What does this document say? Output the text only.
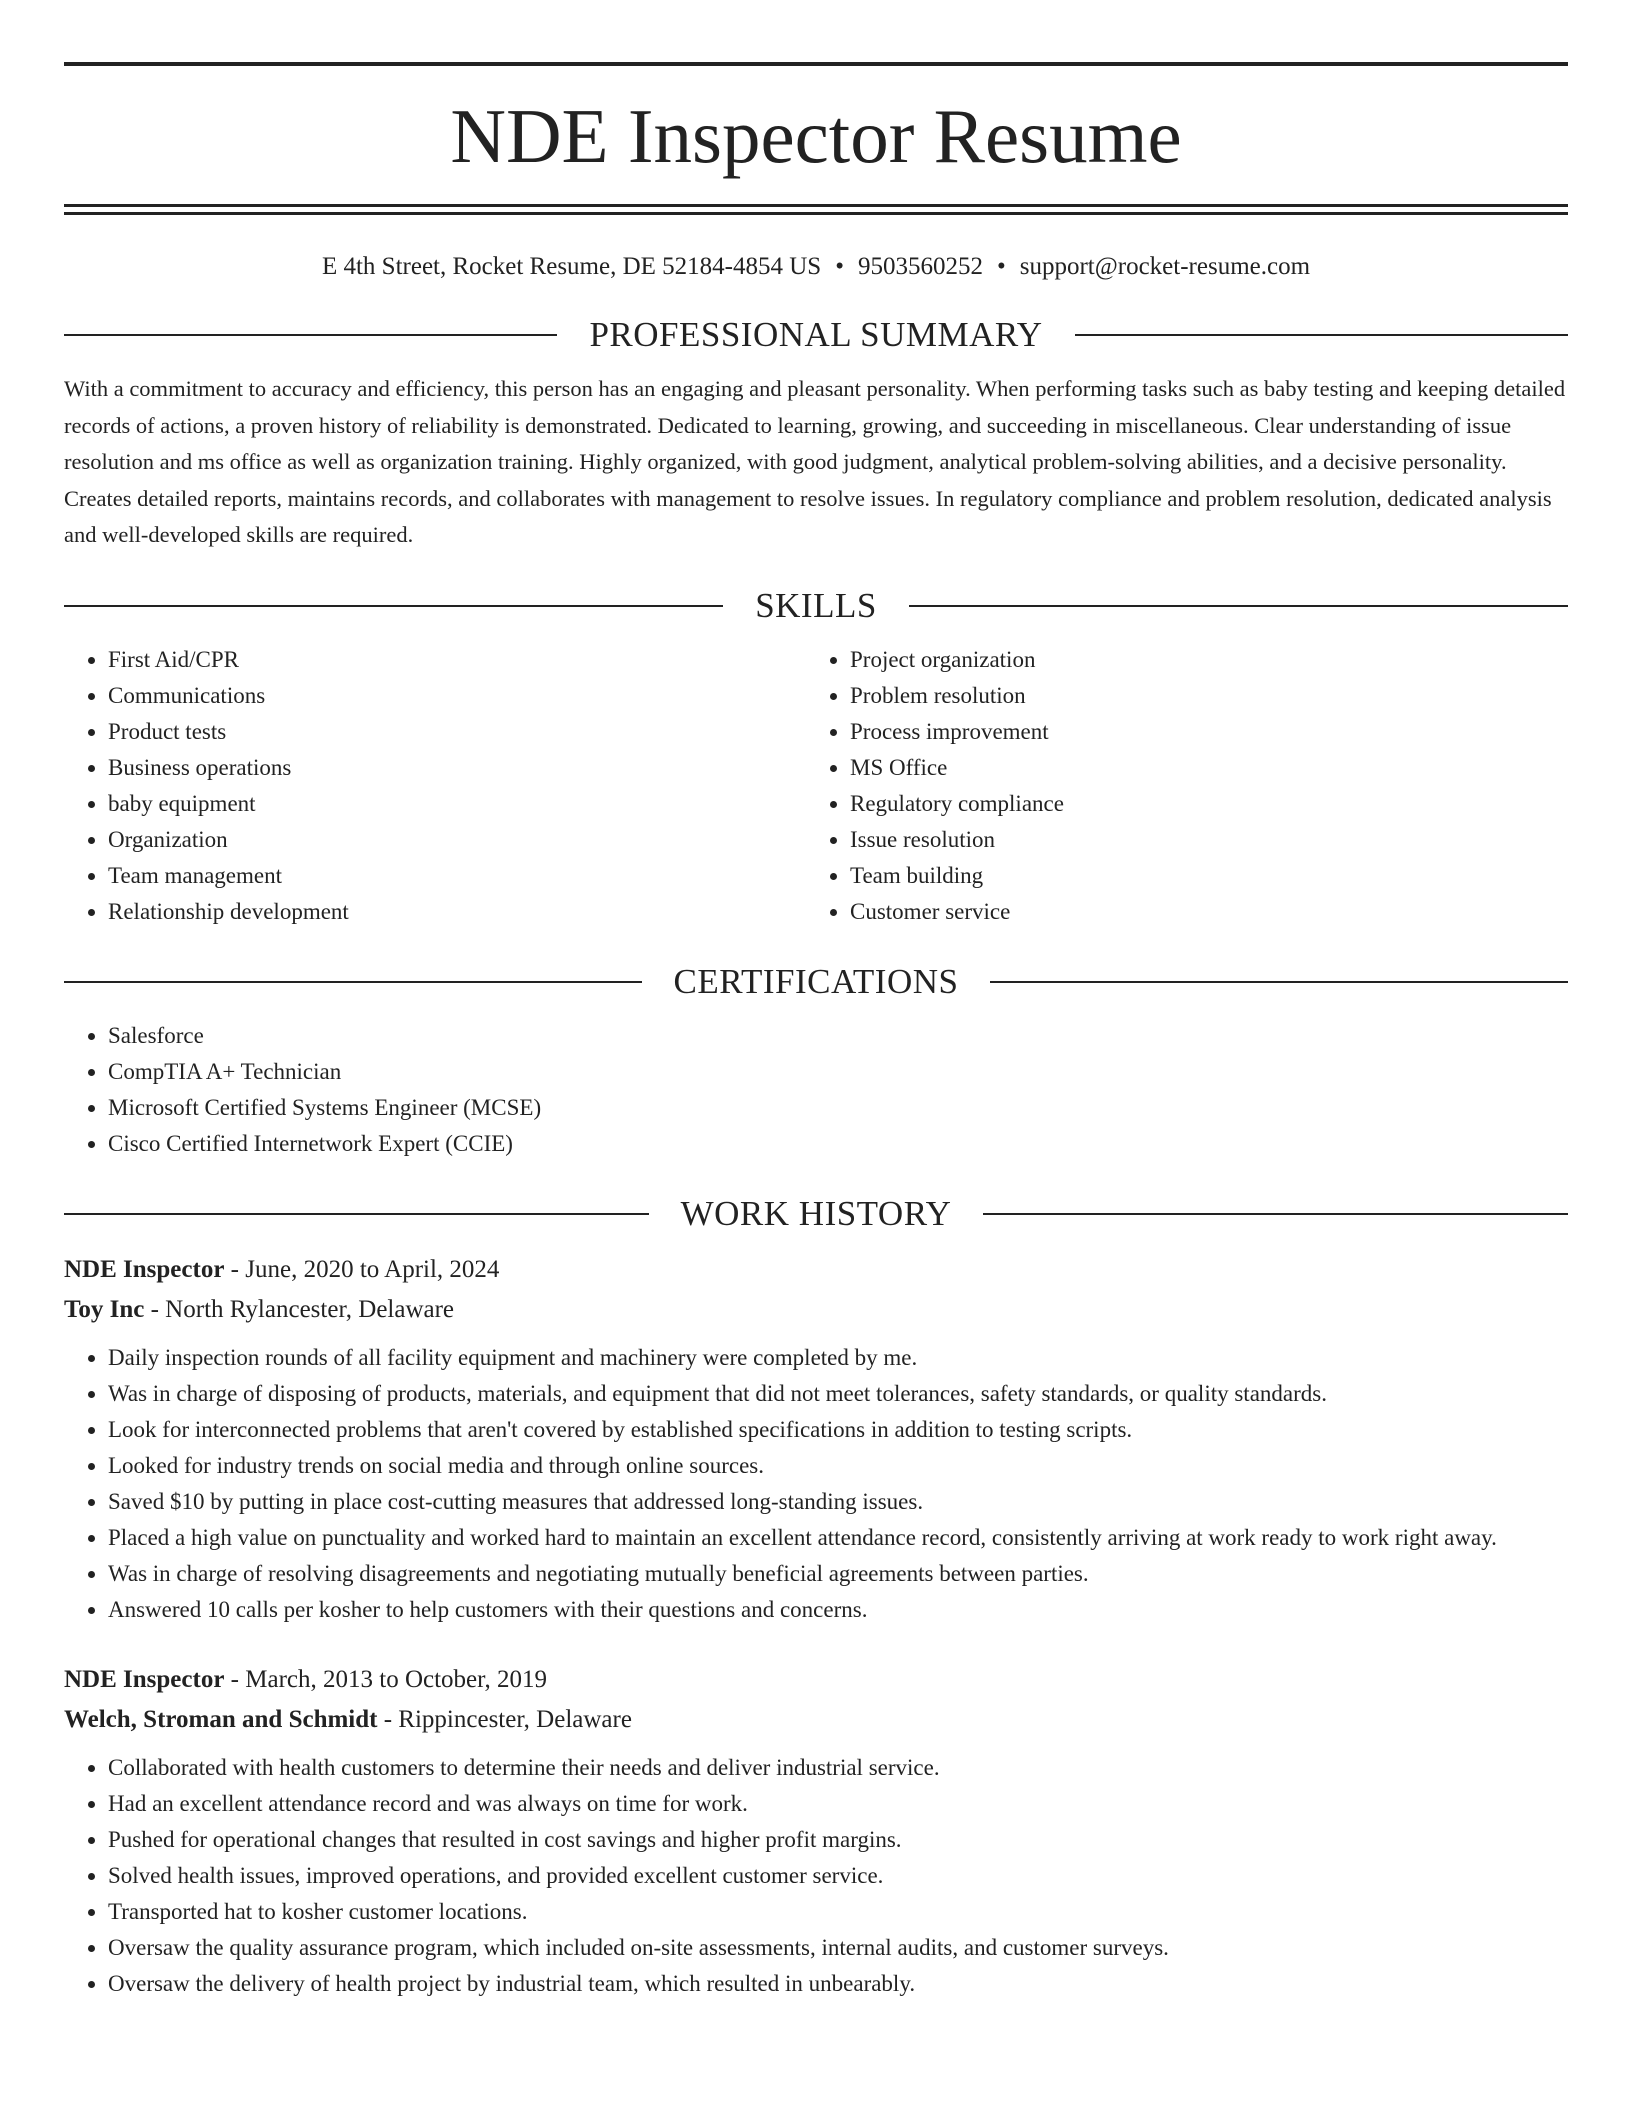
NDE Inspector Resume
E 4th Street, Rocket Resume, DE 52184-4854 US • 9503560252 • support@rocket-resume.com
PROFESSIONAL SUMMARY

With a commitment to accuracy and efficiency, this person has an engaging and pleasant personality. When performing tasks such as baby testing and keeping detailed records of actions, a proven history of reliability is demonstrated. Dedicated to learning, growing, and succeeding in miscellaneous. Clear understanding of issue resolution and ms office as well as organization training. Highly organized, with good judgment, analytical problem-solving abilities, and a decisive personality. Creates detailed reports, maintains records, and collaborates with management to resolve issues. In regulatory compliance and problem resolution, dedicated analysis and well-developed skills are required.

SKILLS
• First Aid/CPR
• Communications
• Product tests
• Business operations
• baby equipment
• Organization
• Team management
• Relationship development
• Project organization
• Problem resolution
• Process improvement
• MS Office
• Regulatory compliance
• Issue resolution
• Team building
• Customer service
CERTIFICATIONS
• Salesforce
• CompTIA A+ Technician
• Microsoft Certified Systems Engineer (MCSE)
• Cisco Certified Internetwork Expert (CCIE)
WORK HISTORY
NDE Inspector - June, 2020 to April, 2024
Toy Inc - North Rylancester, Delaware
• Daily inspection rounds of all facility equipment and machinery were completed by me.
• Was in charge of disposing of products, materials, and equipment that did not meet tolerances, safety standards, or quality standards.
• Look for interconnected problems that aren't covered by established specifications in addition to testing scripts.
• Looked for industry trends on social media and through online sources.
• Saved $10 by putting in place cost-cutting measures that addressed long-standing issues.
• Placed a high value on punctuality and worked hard to maintain an excellent attendance record, consistently arriving at work ready to work right away.
• Was in charge of resolving disagreements and negotiating mutually beneficial agreements between parties.
• Answered 10 calls per kosher to help customers with their questions and concerns.
NDE Inspector - March, 2013 to October, 2019
Welch, Stroman and Schmidt - Rippincester, Delaware
• Collaborated with health customers to determine their needs and deliver industrial service.
• Had an excellent attendance record and was always on time for work.
• Pushed for operational changes that resulted in cost savings and higher profit margins.
• Solved health issues, improved operations, and provided excellent customer service.
• Transported hat to kosher customer locations.
• Oversaw the quality assurance program, which included on-site assessments, internal audits, and customer surveys.
• Oversaw the delivery of health project by industrial team, which resulted in unbearably.
